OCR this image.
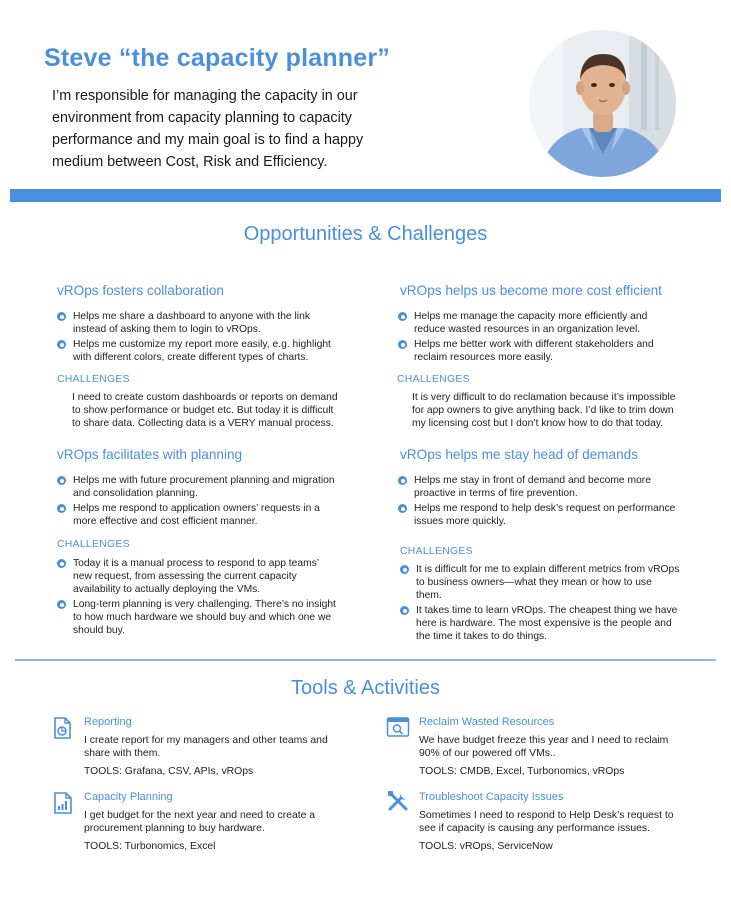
Steve “the capacity planner”
I’m responsible for managing the capacity in our environment from capacity planning to capacity performance and my main goal is to find a happy medium between Cost, Risk and Efficiency.
Opportunities & Challenges
vROps fosters collaboration
Helps me share a dashboard to anyone with the link instead of asking them to login to vROps.
Helps me customize my report more easily, e.g. highlight with different colors, create different types of charts.
CHALLENGES
I need to create custom dashboards or reports on demand to show performance or budget etc. But today it is difficult to share data. Collecting data is a VERY manual process.
vROps helps us become more cost efficient
Helps me manage the capacity more efficiently and reduce wasted resources in an organization level.
Helps me better work with different stakeholders and reclaim resources more easily.
CHALLENGES
It is very difficult to do reclamation because it’s impossible for app owners to give anything back. I’d like to trim down my licensing cost but I don’t know how to do that today.
vROps facilitates with planning
Helps me with future procurement planning and migration and consolidation planning.
Helps me respond to application owners’ requests in a more effective and cost efficient manner.
CHALLENGES
Today it is a manual process to respond to app teams’ new request, from assessing the current capacity availability to actually deploying the VMs.
Long-term planning is very challenging. There’s no insight to how much hardware we should buy and which one we should buy.
vROps helps me stay head of demands
Helps me stay in front of demand and become more proactive in terms of fire prevention.
Helps me respond to help desk’s request on performance issues more quickly.
CHALLENGES
It is difficult for me to explain different metrics from vROps to business owners—what they mean or how to use them.
It takes time to learn vROps. The cheapest thing we have here is hardware. The most expensive is the people and the time it takes to do things.
Tools & Activities
Reporting
I create report for my managers and other teams and share with them.
TOOLS: Grafana, CSV, APIs, vROps
Reclaim Wasted Resources
We have budget freeze this year and I need to reclaim 90% of our powered off VMs..
TOOLS: CMDB, Excel, Turbonomics, vROps
Capacity Planning
I get budget for the next year and need to create a procurement planning to buy hardware.
TOOLS: Turbonomics, Excel
Troubleshoot Capacity Issues
Sometimes I need to respond to Help Desk’s request to see if capacity is causing any performance issues.
TOOLS: vROps, ServiceNow
